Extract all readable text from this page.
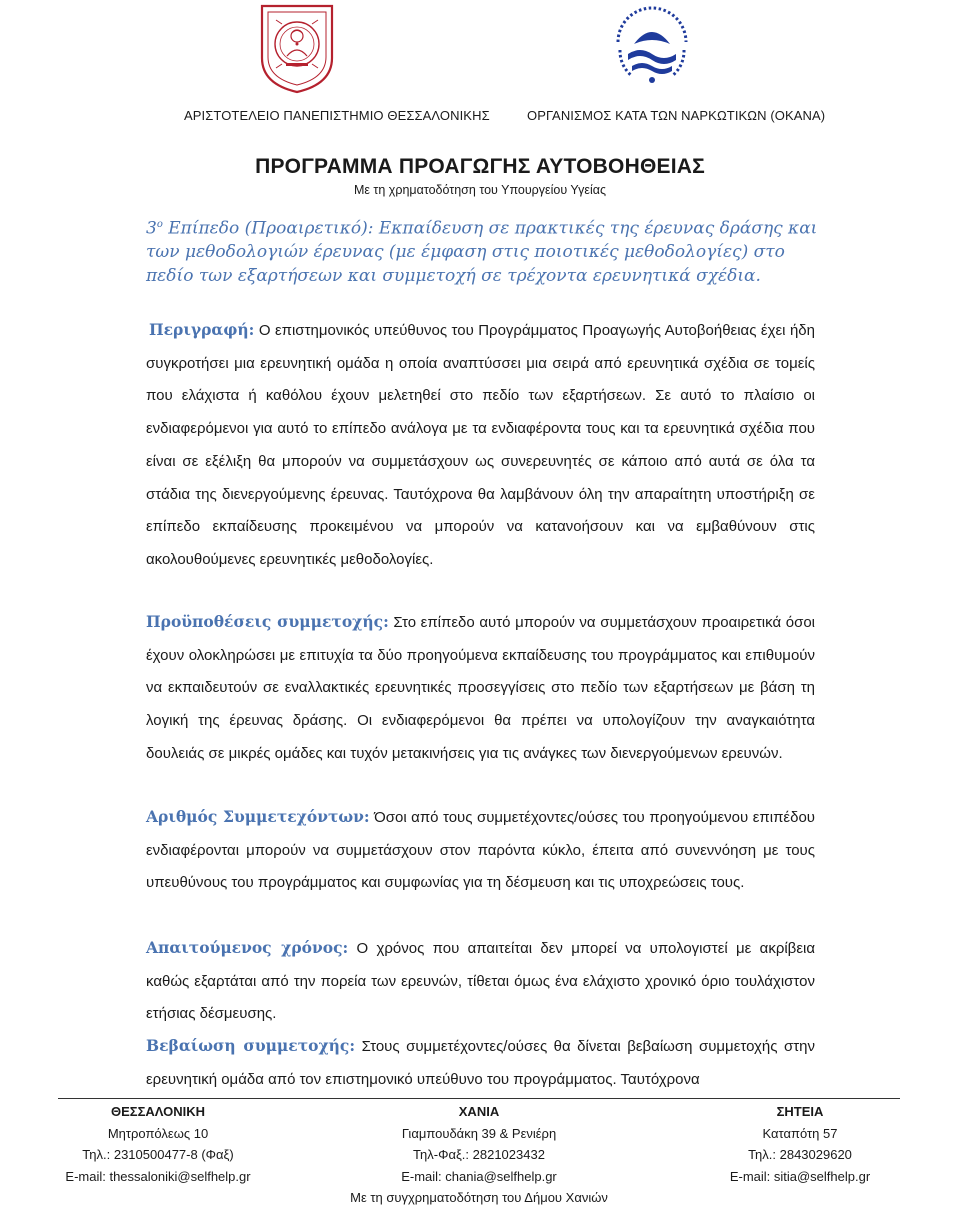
ΑΡΙΣΤΟΤΕΛΕΙΟ ΠΑΝΕΠΙΣΤΗΜΙΟ ΘΕΣΣΑΛΟΝΙΚΗΣ	ΟΡΓΑΝΙΣΜΟΣ ΚΑΤΑ ΤΩΝ ΝΑΡΚΩΤΙΚΩΝ (ΟΚΑΝΑ)
ΠΡΟΓΡΑΜΜΑ ΠΡΟΑΓΩΓΗΣ ΑΥΤΟΒΟΗΘΕΙΑΣ
Με τη χρηματοδότηση του Υπουργείου Υγείας
$3^o$ Επίπεδο (Προαιρετικό): Εκπαίδευση σε πρακτικές της έρευνας δράσης και των μεθοδολογιών έρευνας (με έμφαση στις ποιοτικές μεθοδολογίες) στο πεδίο των εξαρτήσεων και συμμετοχή σε τρέχοντα ερευνητικά σχέδια.

Περιγραφή: Ο επιστημονικός υπεύθυνος του Προγράμματος Προαγωγής Αυτοβοήθειας έχει ήδη συγκροτήσει μια ερευνητική ομάδα η οποία αναπτύσσει μια σειρά από ερευνητικά σχέδια σε τομείς που ελάχιστα ή καθόλου έχουν μελετηθεί στο πεδίο των εξαρτήσεων. Σε αυτό το πλαίσιο οι ενδιαφερόμενοι για αυτό το επίπεδο ανάλογα με τα ενδιαφέροντα τους και τα ερευνητικά σχέδια που είναι σε εξέλιξη θα μπορούν να συμμετάσχουν ως συνερευνητές σε κάποιο από αυτά σε όλα τα στάδια της διενεργούμενης έρευνας. Ταυτόχρονα θα λαμβάνουν όλη την απαραίτητη υποστήριξη σε επίπεδο εκπαίδευσης προκειμένου να μπορούν να κατανοήσουν και να εμβαθύνουν στις ακολουθούμενες ερευνητικές μεθοδολογίες.

Προϋποθέσεις συμμετοχής: Στο επίπεδο αυτό μπορούν να συμμετάσχουν προαιρετικά όσοι έχουν ολοκληρώσει με επιτυχία τα δύο προηγούμενα εκπαίδευσης του προγράμματος και επιθυμούν να εκπαιδευτούν σε εναλλακτικές ερευνητικές προσεγγίσεις στο πεδίο των εξαρτήσεων με βάση τη λογική της έρευνας δράσης. Οι ενδιαφερόμενοι θα πρέπει να υπολογίζουν την αναγκαιότητα δουλειάς σε μικρές ομάδες και τυχόν μετακινήσεις για τις ανάγκες των διενεργούμενων ερευνών.

Αριθμός Συμμετεχόντων: Όσοι από τους συμμετέχοντες/ούσες του προηγούμενου επιπέδου ενδιαφέρονται μπορούν να συμμετάσχουν στον παρόντα κύκλο, έπειτα από συνεννόηση με τους υπευθύνους του προγράμματος και συμφωνίας για τη δέσμευση και τις υποχρεώσεις τους.

Απαιτούμενος χρόνος: Ο χρόνος που απαιτείται δεν μπορεί να υπολογιστεί με ακρίβεια καθώς εξαρτάται από την πορεία των ερευνών, τίθεται όμως ένα ελάχιστο χρονικό όριο τουλάχιστον ετήσιας δέσμευσης.

Βεβαίωση συμμετοχής: Στους συμμετέχοντες/ούσες θα δίνεται βεβαίωση συμμετοχής στην ερευνητική ομάδα από τον επιστημονικό υπεύθυνο του προγράμματος. Ταυτόχρονα

ΘΕΣΣΑΛΟΝΙΚΗ
Μητροπόλεως 10
Τηλ.: 2310500477-8 (Φαξ)
E-mail: thessaloniki@selfhelp.gr
ΧΑΝΙΑ
Γιαμπουδάκη 39 & Ρενιέρη
Τηλ-Φαξ.: 2821023432
E-mail: chania@selfhelp.gr
Με τη συγχρηματοδότηση του Δήμου Χανιών
ΣΗΤΕΙΑ
Καταπότη 57
Τηλ.: 2843029620
E-mail: sitia@selfhelp.gr
